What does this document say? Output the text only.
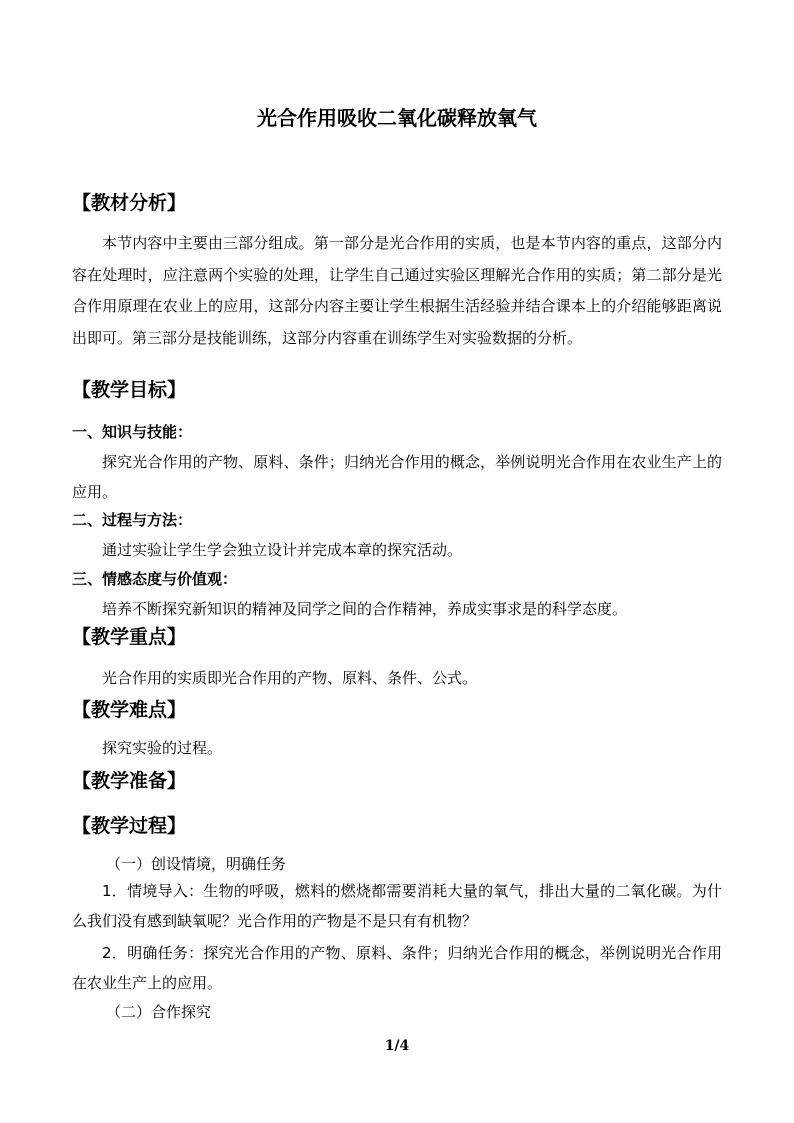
光合作用吸收二氧化碳释放氧气

【教材分析】

本节内容中主要由三部分组成。第一部分是光合作用的实质，也是本节内容的重点，这部分内容在处理时，应注意两个实验的处理，让学生自己通过实验区理解光合作用的实质；第二部分是光合作用原理在农业上的应用，这部分内容主要让学生根据生活经验并结合课本上的介绍能够距离说出即可。第三部分是技能训练，这部分内容重在训练学生对实验数据的分析。

【教学目标】

一、知识与技能：

探究光合作用的产物、原料、条件；归纳光合作用的概念，举例说明光合作用在农业生产上的应用。

二、过程与方法：

通过实验让学生学会独立设计并完成本章的探究活动。

三、情感态度与价值观：

培养不断探究新知识的精神及同学之间的合作精神，养成实事求是的科学态度。

【教学重点】

光合作用的实质即光合作用的产物、原料、条件、公式。

【教学难点】

探究实验的过程。

【教学准备】

【教学过程】

（一）创设情境，明确任务

1．情境导入：生物的呼吸，燃料的燃烧都需要消耗大量的氧气，排出大量的二氧化碳。为什么我们没有感到缺氧呢？光合作用的产物是不是只有有机物？

2．明确任务：探究光合作用的产物、原料、条件；归纳光合作用的概念，举例说明光合作用在农业生产上的应用。

（二）合作探究

1/4
